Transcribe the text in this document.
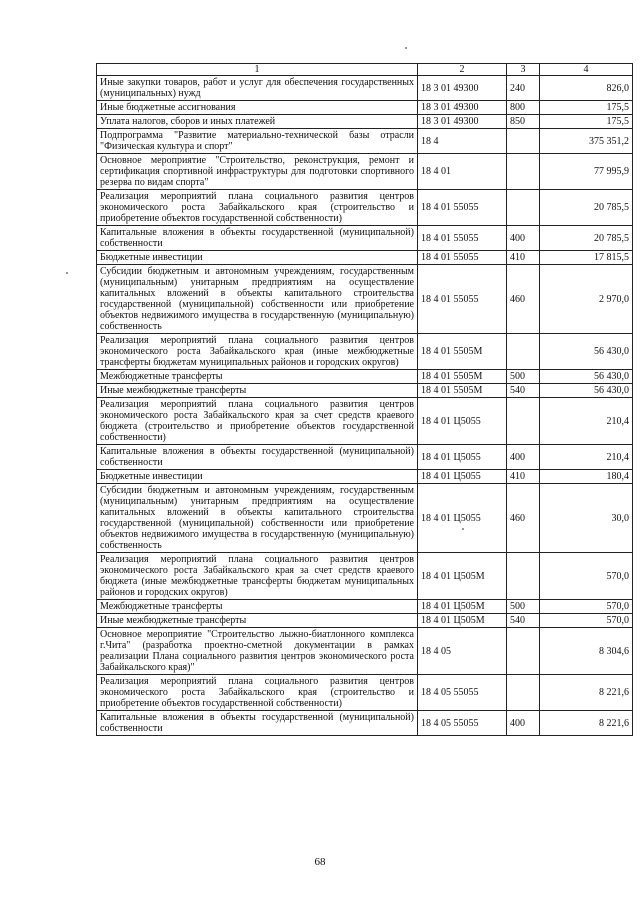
1	2	3	4
Иные закупки товаров, работ и услуг для обеспечения государственных (муниципальных) нужд	18 3 01 49300	240	826,0
Иные бюджетные ассигнования	18 3 01 49300	800	175,5
Уплата налогов, сборов и иных платежей	18 3 01 49300	850	175,5
Подпрограмма "Развитие материально-технической базы отрасли "Физическая культура и спорт"	18 4		375 351,2
Основное мероприятие "Строительство, реконструкция, ремонт и сертификация спортивной инфраструктуры для подготовки спортивного резерва по видам спорта"	18 4 01		77 995,9
Реализация мероприятий плана социального развития центров экономического роста Забайкальского края (строительство и приобретение объектов государственной собственности)	18 4 01 55055		20 785,5
Капитальные вложения в объекты государственной (муниципальной) собственности	18 4 01 55055	400	20 785,5
Бюджетные инвестиции	18 4 01 55055	410	17 815,5
Субсидии бюджетным и автономным учреждениям, государственным (муниципальным) унитарным предприятиям на осуществление капитальных вложений в объекты капитального строительства государственной (муниципальной) собственности или приобретение объектов недвижимого имущества в государственную (муниципальную) собственность	18 4 01 55055	460	2 970,0
Реализация мероприятий плана социального развития центров экономического роста Забайкальского края (иные межбюджетные трансферты бюджетам муниципальных районов и городских округов)	18 4 01 5505М		56 430,0
Межбюджетные трансферты	18 4 01 5505М	500	56 430,0
Иные межбюджетные трансферты	18 4 01 5505М	540	56 430,0
Реализация мероприятий плана социального развития центров экономического роста Забайкальского края за счет средств краевого бюджета (строительство и приобретение объектов государственной собственности)	18 4 01 Ц5055		210,4
Капитальные вложения в объекты государственной (муниципальной) собственности	18 4 01 Ц5055	400	210,4
Бюджетные инвестиции	18 4 01 Ц5055	410	180,4
Субсидии бюджетным и автономным учреждениям, государственным (муниципальным) унитарным предприятиям на осуществление капитальных вложений в объекты капитального строительства государственной (муниципальной) собственности или приобретение объектов недвижимого имущества в государственную (муниципальную) собственность	18 4 01 Ц5055	460	30,0
Реализация мероприятий плана социального развития центров экономического роста Забайкальского края за счет средств краевого бюджета (иные межбюджетные трансферты бюджетам муниципальных районов и городских округов)	18 4 01 Ц505М		570,0
Межбюджетные трансферты	18 4 01 Ц505М	500	570,0
Иные межбюджетные трансферты	18 4 01 Ц505М	540	570,0
Основное мероприятие "Строительство лыжно-биатлонного комплекса г.Чита" (разработка проектно-сметной документации в рамках реализации Плана социального развития центров экономического роста Забайкальского края)"	18 4 05		8 304,6
Реализация мероприятий плана социального развития центров экономического роста Забайкальского края (строительство и приобретение объектов государственной собственности)	18 4 05 55055		8 221,6
Капитальные вложения в объекты государственной (муниципальной) собственности	18 4 05 55055	400	8 221,6
68
